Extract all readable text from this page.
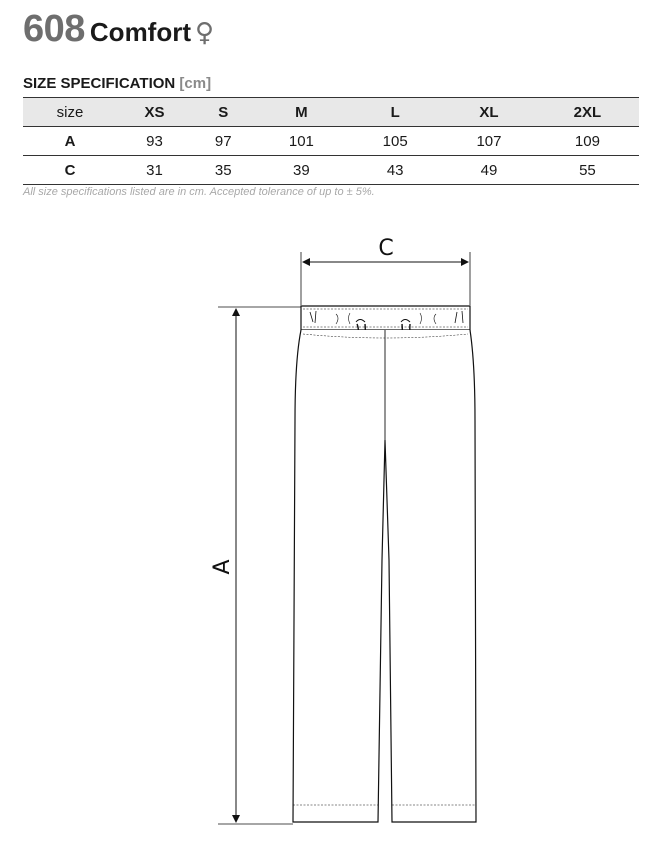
608 Comfort ♀
SIZE SPECIFICATION [cm]
size	XS	S	M	L	XL	2XL
A	93	97	101	105	107	109
C	31	35	39	43	49	55
All size specifications listed are in cm. Accepted tolerance of up to ± 5%.
C
A
